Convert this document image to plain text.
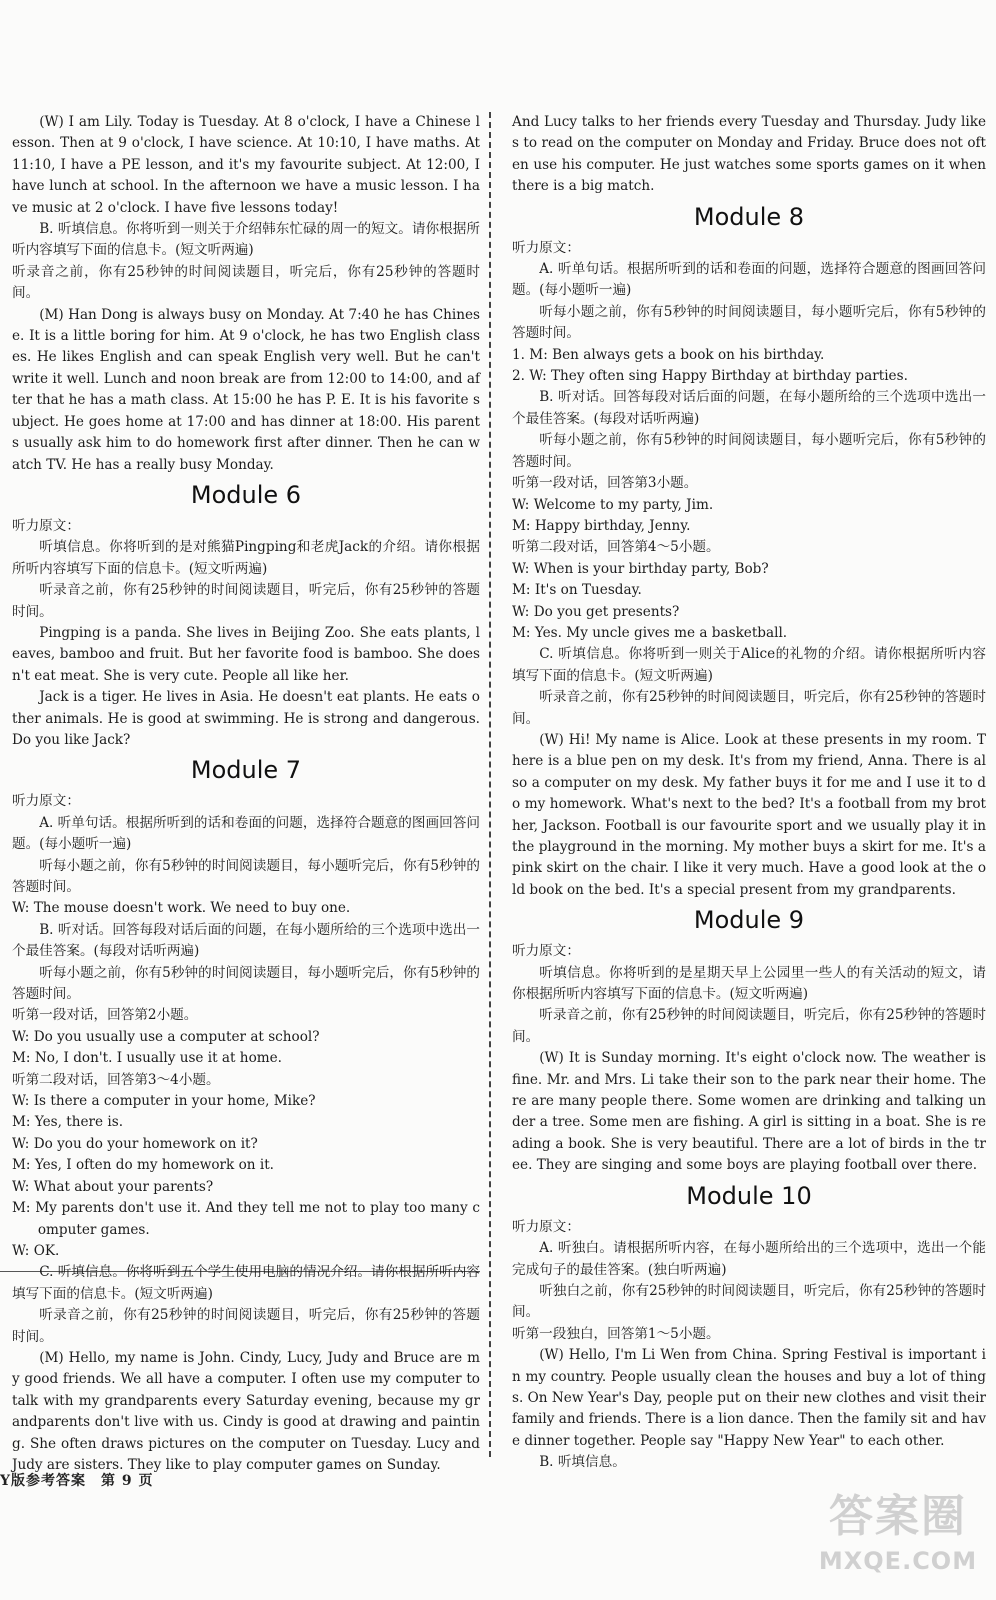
(W) I am Lily. Today is Tuesday. At 8 o'clock, I have a Chinese lesson. Then at 9 o'clock, I have science. At 10:10, I have maths. At 11:10, I have a PE lesson, and it's my favourite subject. At 12:00, I have lunch at school. In the afternoon we have a music lesson. I have music at 2 o'clock. I have five lessons today!

B. 听填信息。你将听到一则关于介绍韩东忙碌的周一的短文。请你根据所听内容填写下面的信息卡。(短文听两遍)

听录音之前，你有25秒钟的时间阅读题目，听完后，你有25秒钟的答题时间。

(M) Han Dong is always busy on Monday. At 7:40 he has Chinese. It is a little boring for him. At 9 o'clock, he has two English classes. He likes English and can speak English very well. But he can't write it well. Lunch and noon break are from 12:00 to 14:00, and after that he has a math class. At 15:00 he has P. E. It is his favorite subject. He goes home at 17:00 and has dinner at 18:00. His parents usually ask him to do homework first after dinner. Then he can watch TV. He has a really busy Monday.

Module 6

听力原文：

听填信息。你将听到的是对熊猫Pingping和老虎Jack的介绍。请你根据所听内容填写下面的信息卡。(短文听两遍)

听录音之前，你有25秒钟的时间阅读题目，听完后，你有25秒钟的答题时间。

Pingping is a panda. She lives in Beijing Zoo. She eats plants, leaves, bamboo and fruit. But her favorite food is bamboo. She doesn't eat meat. She is very cute. People all like her.

Jack is a tiger. He lives in Asia. He doesn't eat plants. He eats other animals. He is good at swimming. He is strong and dangerous. Do you like Jack?

Module 7

听力原文：

A. 听单句话。根据所听到的话和卷面的问题，选择符合题意的图画回答问题。(每小题听一遍)

听每小题之前，你有5秒钟的时间阅读题目，每小题听完后，你有5秒钟的答题时间。

W: The mouse doesn't work. We need to buy one.

B. 听对话。回答每段对话后面的问题，在每小题所给的三个选项中选出一个最佳答案。(每段对话听两遍)

听每小题之前，你有5秒钟的时间阅读题目，每小题听完后，你有5秒钟的答题时间。

听第一段对话，回答第2小题。

W: Do you usually use a computer at school?

M: No, I don't. I usually use it at home.

听第二段对话，回答第3～4小题。

W: Is there a computer in your home, Mike?

M: Yes, there is.

W: Do you do your homework on it?

M: Yes, I often do my homework on it.

W: What about your parents?

M: My parents don't use it. And they tell me not to play too many computer games.

W: OK.

C. 听填信息。你将听到五个学生使用电脑的情况介绍。请你根据所听内容填写下面的信息卡。(短文听两遍)

听录音之前，你有25秒钟的时间阅读题目，听完后，你有25秒钟的答题时间。

(M) Hello, my name is John. Cindy, Lucy, Judy and Bruce are my good friends. We all have a computer. I often use my computer to talk with my grandparents every Saturday evening, because my grandparents don't live with us. Cindy is good at drawing and painting. She often draws pictures on the computer on Tuesday. Lucy and Judy are sisters. They like to play computer games on Sunday.

And Lucy talks to her friends every Tuesday and Thursday. Judy likes to read on the computer on Monday and Friday. Bruce does not often use his computer. He just watches some sports games on it when there is a big match.

Module 8

听力原文：

A. 听单句话。根据所听到的话和卷面的问题，选择符合题意的图画回答问题。(每小题听一遍)

听每小题之前，你有5秒钟的时间阅读题目，每小题听完后，你有5秒钟的答题时间。

1. M: Ben always gets a book on his birthday.

2. W: They often sing Happy Birthday at birthday parties.

B. 听对话。回答每段对话后面的问题，在每小题所给的三个选项中选出一个最佳答案。(每段对话听两遍)

听每小题之前，你有5秒钟的时间阅读题目，每小题听完后，你有5秒钟的答题时间。

听第一段对话，回答第3小题。

W: Welcome to my party, Jim.

M: Happy birthday, Jenny.

听第二段对话，回答第4～5小题。

W: When is your birthday party, Bob?

M: It's on Tuesday.

W: Do you get presents?

M: Yes. My uncle gives me a basketball.

C. 听填信息。你将听到一则关于Alice的礼物的介绍。请你根据所听内容填写下面的信息卡。(短文听两遍)

听录音之前，你有25秒钟的时间阅读题目，听完后，你有25秒钟的答题时间。

(W) Hi! My name is Alice. Look at these presents in my room. There is a blue pen on my desk. It's from my friend, Anna. There is also a computer on my desk. My father buys it for me and I use it to do my homework. What's next to the bed? It's a football from my brother, Jackson. Football is our favourite sport and we usually play it in the playground in the morning. My mother buys a skirt for me. It's a pink skirt on the chair. I like it very much. Have a good look at the old book on the bed. It's a special present from my grandparents.

Module 9

听力原文：

听填信息。你将听到的是星期天早上公园里一些人的有关活动的短文，请你根据所听内容填写下面的信息卡。(短文听两遍)

听录音之前，你有25秒钟的时间阅读题目，听完后，你有25秒钟的答题时间。

(W) It is Sunday morning. It's eight o'clock now. The weather is fine. Mr. and Mrs. Li take their son to the park near their home. There are many people there. Some women are drinking and talking under a tree. Some men are fishing. A girl is sitting in a boat. She is reading a book. She is very beautiful. There are a lot of birds in the tree. They are singing and some boys are playing football over there.

Module 10

听力原文：

A. 听独白。请根据所听内容，在每小题所给出的三个选项中，选出一个能完成句子的最佳答案。(独白听两遍)

听独白之前，你有25秒钟的时间阅读题目，听完后，你有25秒钟的答题时间。

听第一段独白，回答第1～5小题。

(W) Hello, I'm Li Wen from China. Spring Festival is important in my country. People usually clean the houses and buy a lot of things. On New Year's Day, people put on their new clothes and visit their family and friends. There is a lion dance. Then the family sit and have dinner together. People say "Happy New Year" to each other.

B. 听填信息。

Y版参考答案　第 9 页
答案圈
MXQE.COM
